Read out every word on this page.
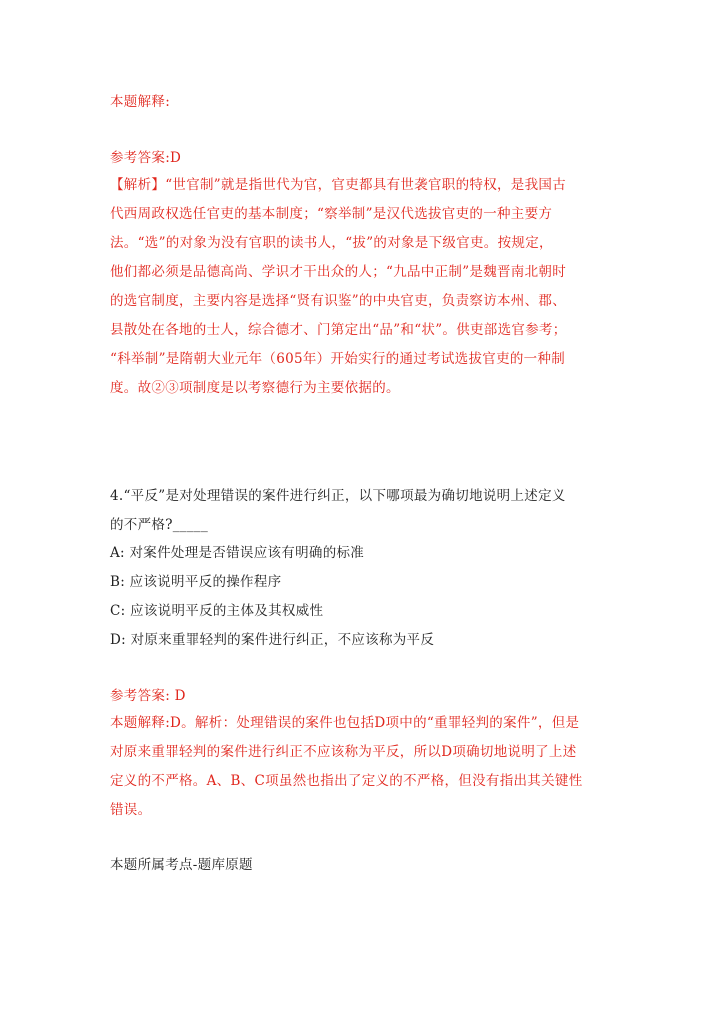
本题解释:
参考答案:D
【解析】“世官制”就是指世代为官，官吏都具有世袭官职的特权，是我国古
代西周政权选任官吏的基本制度；“察举制”是汉代选拔官吏的一种主要方
法。“选”的对象为没有官职的读书人，“拔”的对象是下级官吏。按规定，
他们都必须是品德高尚、学识才干出众的人；“九品中正制”是魏晋南北朝时
的选官制度，主要内容是选择“贤有识鉴”的中央官吏，负责察访本州、郡、
县散处在各地的士人，综合德才、门第定出“品”和“状”。供吏部选官参考；
“科举制”是隋朝大业元年（605年）开始实行的通过考试选拔官吏的一种制
度。故②③项制度是以考察德行为主要依据的。
4.“平反”是对处理错误的案件进行纠正，以下哪项最为确切地说明上述定义
的不严格?_____
A: 对案件处理是否错误应该有明确的标准
B: 应该说明平反的操作程序
C: 应该说明平反的主体及其权威性
D: 对原来重罪轻判的案件进行纠正，不应该称为平反
参考答案: D
本题解释:D。解析：处理错误的案件也包括D项中的“重罪轻判的案件”，但是
对原来重罪轻判的案件进行纠正不应该称为平反，所以D项确切地说明了上述
定义的不严格。A、B、C项虽然也指出了定义的不严格，但没有指出其关键性
错误。
本题所属考点-题库原题
